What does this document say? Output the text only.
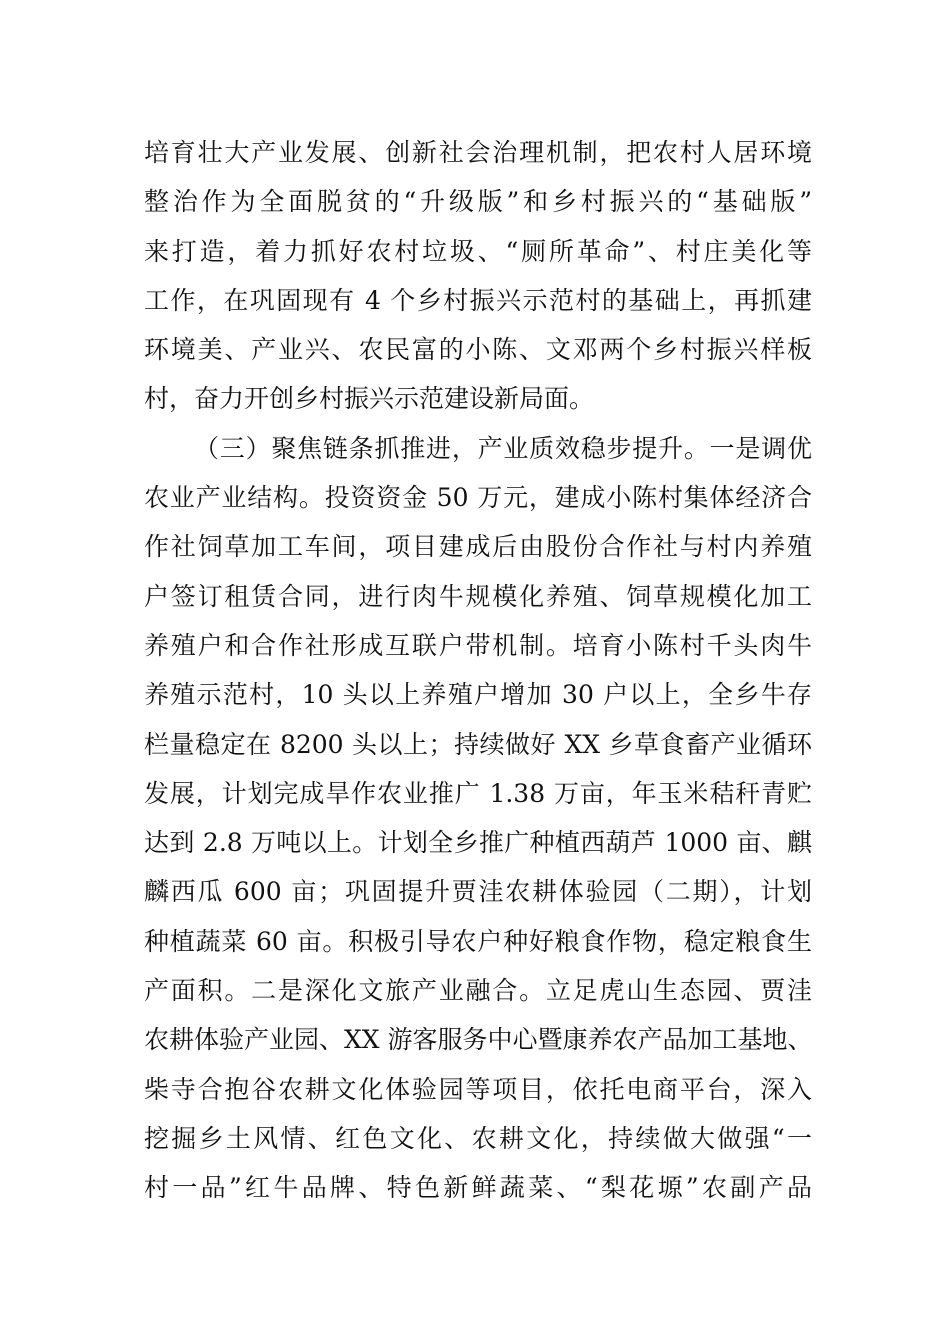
培育壮大产业发展、创新社会治理机制，把农村人居环境
整治作为全面脱贫的“升级版”和乡村振兴的“基础版”
来打造，着力抓好农村垃圾、“厕所革命”、村庄美化等
工作，在巩固现有 4 个乡村振兴示范村的基础上，再抓建
环境美、产业兴、农民富的小陈、文邓两个乡村振兴样板
村，奋力开创乡村振兴示范建设新局面。
（三）聚焦链条抓推进，产业质效稳步提升。一是调优
农业产业结构。投资资金 50 万元，建成小陈村集体经济合
作社饲草加工车间，项目建成后由股份合作社与村内养殖
户签订租赁合同，进行肉牛规模化养殖、饲草规模化加工
养殖户和合作社形成互联户带机制。培育小陈村千头肉牛
养殖示范村，10 头以上养殖户增加 30 户以上，全乡牛存
栏量稳定在 8200 头以上；持续做好 XX 乡草食畜产业循环
发展，计划完成旱作农业推广 1.38 万亩，年玉米秸秆青贮
达到 2.8 万吨以上。计划全乡推广种植西葫芦 1000 亩、麒
麟西瓜 600 亩；巩固提升贾洼农耕体验园（二期），计划
种植蔬菜 60 亩。积极引导农户种好粮食作物，稳定粮食生
产面积。二是深化文旅产业融合。立足虎山生态园、贾洼
农耕体验产业园、XX 游客服务中心暨康养农产品加工基地、
柴寺合抱谷农耕文化体验园等项目，依托电商平台，深入
挖掘乡土风情、红色文化、农耕文化，持续做大做强“一
村一品”红牛品牌、特色新鲜蔬菜、“梨花塬”农副产品
